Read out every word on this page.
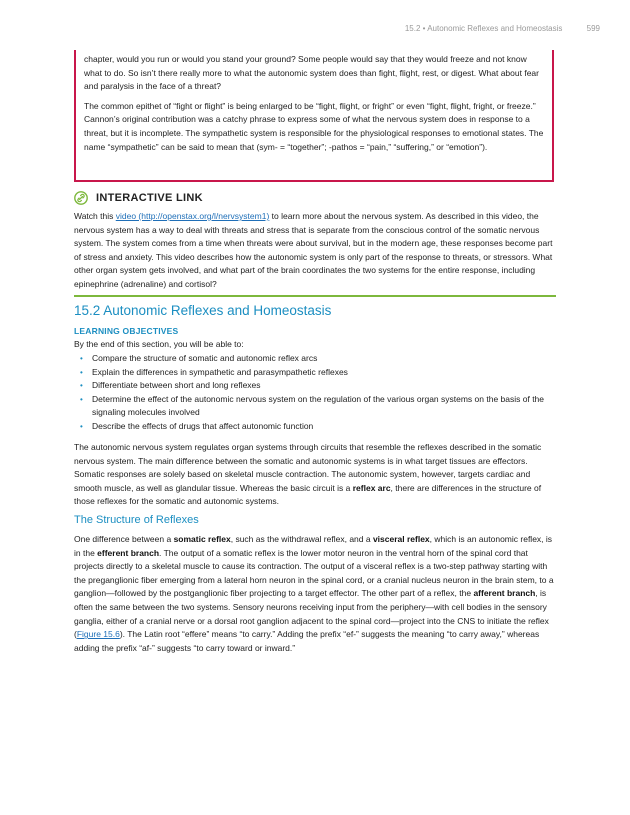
15.2 • Autonomic Reflexes and Homeostasis	599

chapter, would you run or would you stand your ground? Some people would say that they would freeze and not know what to do. So isn’t there really more to what the autonomic system does than fight, flight, rest, or digest. What about fear and paralysis in the face of a threat?

The common epithet of “fight or flight” is being enlarged to be “fight, flight, or fright” or even “fight, flight, fright, or freeze.” Cannon’s original contribution was a catchy phrase to express some of what the nervous system does in response to a threat, but it is incomplete. The sympathetic system is responsible for the physiological responses to emotional states. The name “sympathetic” can be said to mean that (sym- = “together”; -pathos = “pain,” “suffering,” or “emotion”).

INTERACTIVE LINK

Watch this video (http://openstax.org/l/nervsystem1) to learn more about the nervous system. As described in this video, the nervous system has a way to deal with threats and stress that is separate from the conscious control of the somatic nervous system. The system comes from a time when threats were about survival, but in the modern age, these responses become part of stress and anxiety. This video describes how the autonomic system is only part of the response to threats, or stressors. What other organ system gets involved, and what part of the brain coordinates the two systems for the entire response, including epinephrine (adrenaline) and cortisol?

15.2 Autonomic Reflexes and Homeostasis
LEARNING OBJECTIVES

By the end of this section, you will be able to:

• Compare the structure of somatic and autonomic reflex arcs
• Explain the differences in sympathetic and parasympathetic reflexes
• Differentiate between short and long reflexes
• Determine the effect of the autonomic nervous system on the regulation of the various organ systems on the basis of the signaling molecules involved
• Describe the effects of drugs that affect autonomic function

The autonomic nervous system regulates organ systems through circuits that resemble the reflexes described in the somatic nervous system. The main difference between the somatic and autonomic systems is in what target tissues are effectors. Somatic responses are solely based on skeletal muscle contraction. The autonomic system, however, targets cardiac and smooth muscle, as well as glandular tissue. Whereas the basic circuit is a reflex arc, there are differences in the structure of those reflexes for the somatic and autonomic systems.

The Structure of Reflexes

One difference between a somatic reflex, such as the withdrawal reflex, and a visceral reflex, which is an autonomic reflex, is in the efferent branch. The output of a somatic reflex is the lower motor neuron in the ventral horn of the spinal cord that projects directly to a skeletal muscle to cause its contraction. The output of a visceral reflex is a two-step pathway starting with the preganglionic fiber emerging from a lateral horn neuron in the spinal cord, or a cranial nucleus neuron in the brain stem, to a ganglion—followed by the postganglionic fiber projecting to a target effector. The other part of a reflex, the afferent branch, is often the same between the two systems. Sensory neurons receiving input from the periphery—with cell bodies in the sensory ganglia, either of a cranial nerve or a dorsal root ganglion adjacent to the spinal cord—project into the CNS to initiate the reflex (Figure 15.6). The Latin root “effere” means “to carry.” Adding the prefix “ef-” suggests the meaning “to carry away,” whereas adding the prefix “af-” suggests “to carry toward or inward.”
